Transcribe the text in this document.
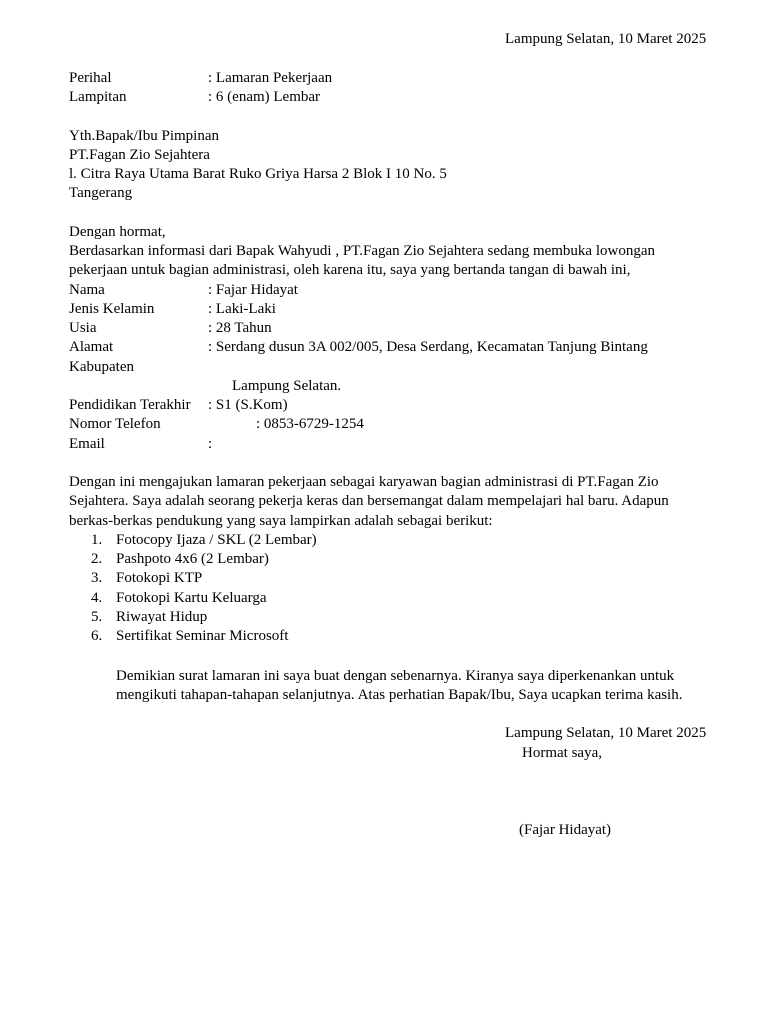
Lampung Selatan, 10 Maret 2025
Perihal	: Lamaran Pekerjaan
Lampitan	: 6 (enam) Lembar
Yth.Bapak/Ibu Pimpinan
PT.Fagan Zio Sejahtera
l. Citra Raya Utama Barat Ruko Griya Harsa 2 Blok I 10 No. 5
Tangerang
Dengan hormat,
Berdasarkan informasi dari Bapak Wahyudi , PT.Fagan Zio Sejahtera sedang membuka lowongan
pekerjaan untuk bagian administrasi, oleh karena itu, saya yang bertanda tangan di bawah ini,
Nama	: Fajar Hidayat
Jenis Kelamin	: Laki-Laki
Usia	: 28 Tahun
Alamat	: Serdang dusun 3A 002/005, Desa Serdang, Kecamatan Tanjung Bintang
Kabupaten
Lampung Selatan.
Pendidikan Terakhir : S1 (S.Kom)
Nomor Telefon	: 0853-6729-1254
Email	:
Dengan ini mengajukan lamaran pekerjaan sebagai karyawan bagian administrasi di PT.Fagan Zio
Sejahtera. Saya adalah seorang pekerja keras dan bersemangat dalam mempelajari hal baru. Adapun
berkas-berkas pendukung yang saya lampirkan adalah sebagai berikut:
1. Fotocopy Ijaza / SKL (2 Lembar)
2. Pashpoto 4x6 (2 Lembar)
3. Fotokopi KTP
4. Fotokopi Kartu Keluarga
5. Riwayat Hidup
6. Sertifikat Seminar Microsoft
Demikian surat lamaran ini saya buat dengan sebenarnya. Kiranya saya diperkenankan untuk
mengikuti tahapan-tahapan selanjutnya. Atas perhatian Bapak/Ibu, Saya ucapkan terima kasih.
Lampung Selatan, 10 Maret 2025
Hormat saya,
(Fajar Hidayat)
